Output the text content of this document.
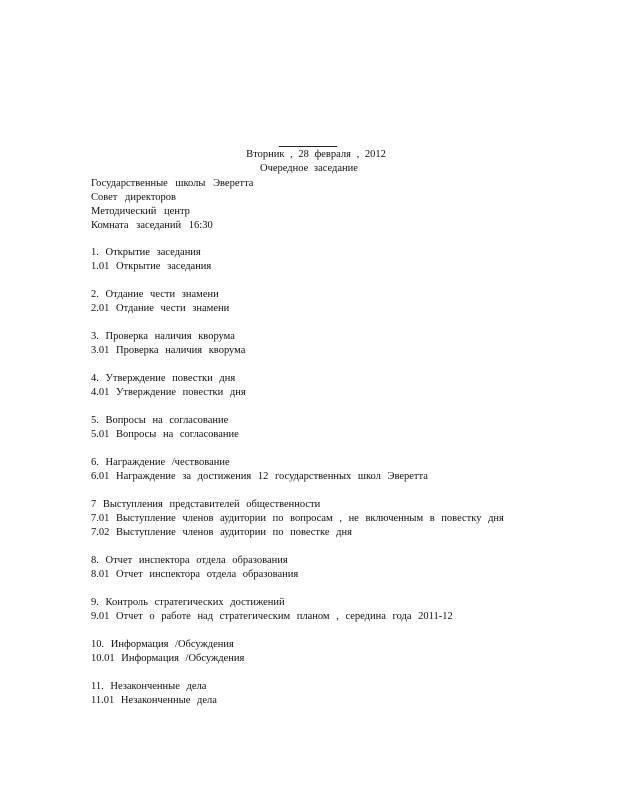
Вторник , 28 февраля , 2012
Очередное заседание
Государственные школы Эверетта
Совет директоров
Методический центр
Комната заседаний 16:30
1. Открытие заседания
1.01 Открытие заседания
2. Отдание чести знамени
2.01 Отдание чести знамени
3. Проверка наличия кворума
3.01 Проверка наличия кворума
4. Утверждение повестки дня
4.01 Утверждение повестки дня
5. Вопросы на согласование
5.01 Вопросы на согласование
6. Награждение /чествование
6.01 Награждение за достижения 12 государственных школ Эверетта
7 Выступления представителей общественности
7.01 Выступление членов аудитории по вопросам , не включенным в повестку дня
7.02 Выступление членов аудитории по повестке дня
8. Отчет инспектора отдела образования
8.01 Отчет инспектора отдела образования
9. Контроль стратегических достижений
9.01 Отчет о работе над стратегическим планом , середина года 2011-12
10. Информация /Обсуждения
10.01 Информация /Обсуждения
11. Незаконченные дела
11.01 Незаконченные дела
